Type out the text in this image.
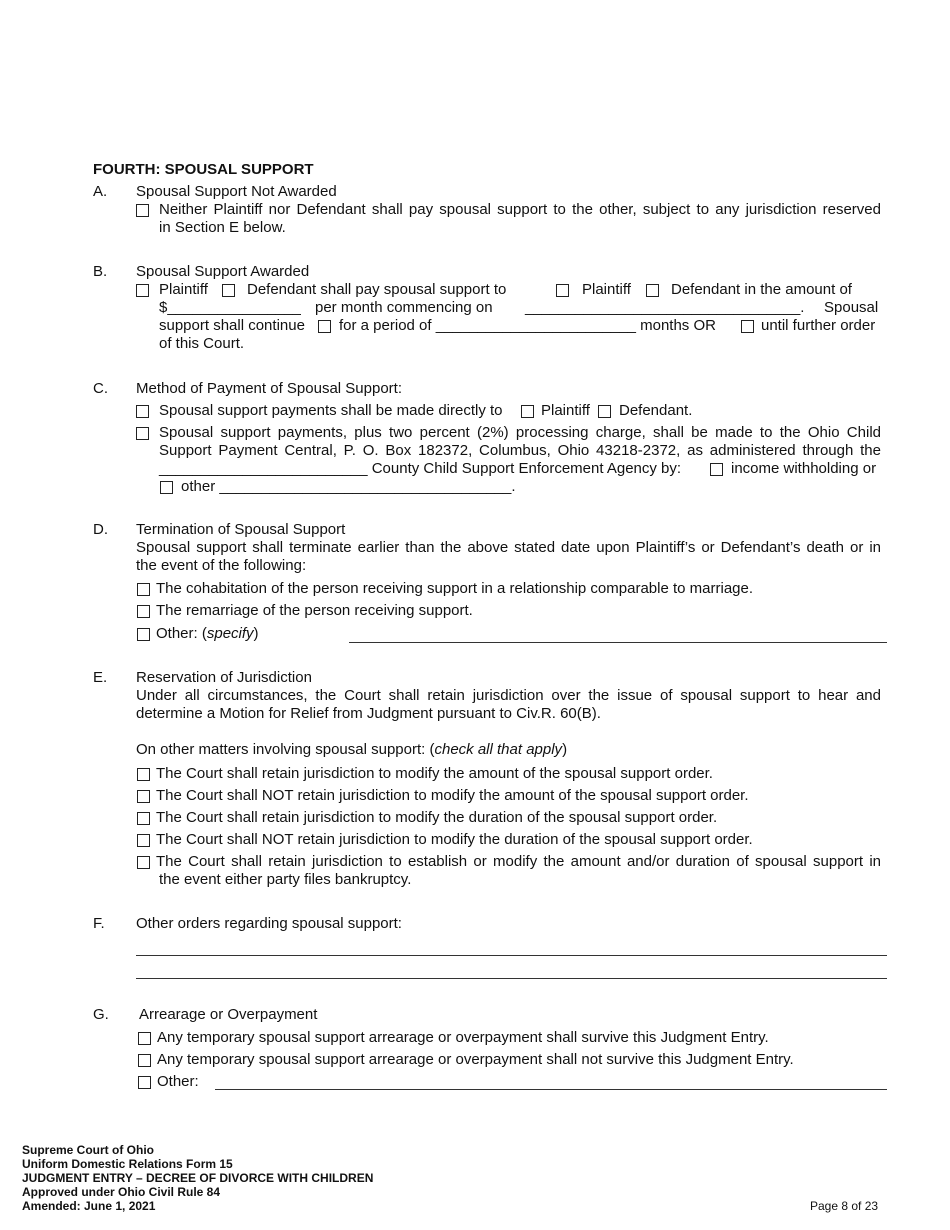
FOURTH: SPOUSAL SUPPORT
A. Spousal Support Not Awarded
Neither Plaintiff nor Defendant shall pay spousal support to the other, subject to any jurisdiction reserved
in Section E below.
B. Spousal Support Awarded
Plaintiff	Defendant shall pay spousal support to	Plaintiff	Defendant in the amount of
$________________ per month commencing on _________________________________. Spousal
support shall continue for a period of ________________________ months OR	until further order
of this Court.
C. Method of Payment of Spousal Support:
Spousal support payments shall be made directly to	Plaintiff Defendant.
Spousal support payments, plus two percent (2%) processing charge, shall be made to the Ohio Child
Support Payment Central, P. O. Box 182372, Columbus, Ohio 43218-2372, as administered through the
_________________________ County Child Support Enforcement Agency by:	income withholding or
other ___________________________________.
D. Termination of Spousal Support
Spousal support shall terminate earlier than the above stated date upon Plaintiff’s or Defendant’s death or in
the event of the following:
The cohabitation of the person receiving support in a relationship comparable to marriage.
The remarriage of the person receiving support.
Other: (specify)
E. Reservation of Jurisdiction
Under all circumstances, the Court shall retain jurisdiction over the issue of spousal support to hear and
determine a Motion for Relief from Judgment pursuant to Civ.R. 60(B).
On other matters involving spousal support: (check all that apply)
The Court shall retain jurisdiction to modify the amount of the spousal support order.
The Court shall NOT retain jurisdiction to modify the amount of the spousal support order.
The Court shall retain jurisdiction to modify the duration of the spousal support order.
The Court shall NOT retain jurisdiction to modify the duration of the spousal support order.
The Court shall retain jurisdiction to establish or modify the amount and/or duration of spousal support in
the event either party files bankruptcy.
F. Other orders regarding spousal support:
G. Arrearage or Overpayment
Any temporary spousal support arrearage or overpayment shall survive this Judgment Entry.
Any temporary spousal support arrearage or overpayment shall not survive this Judgment Entry.
Other:
Supreme Court of Ohio
Uniform Domestic Relations Form 15
JUDGMENT ENTRY – DECREE OF DIVORCE WITH CHILDREN
Approved under Ohio Civil Rule 84
Amended: June 1, 2021	Page 8 of 23
